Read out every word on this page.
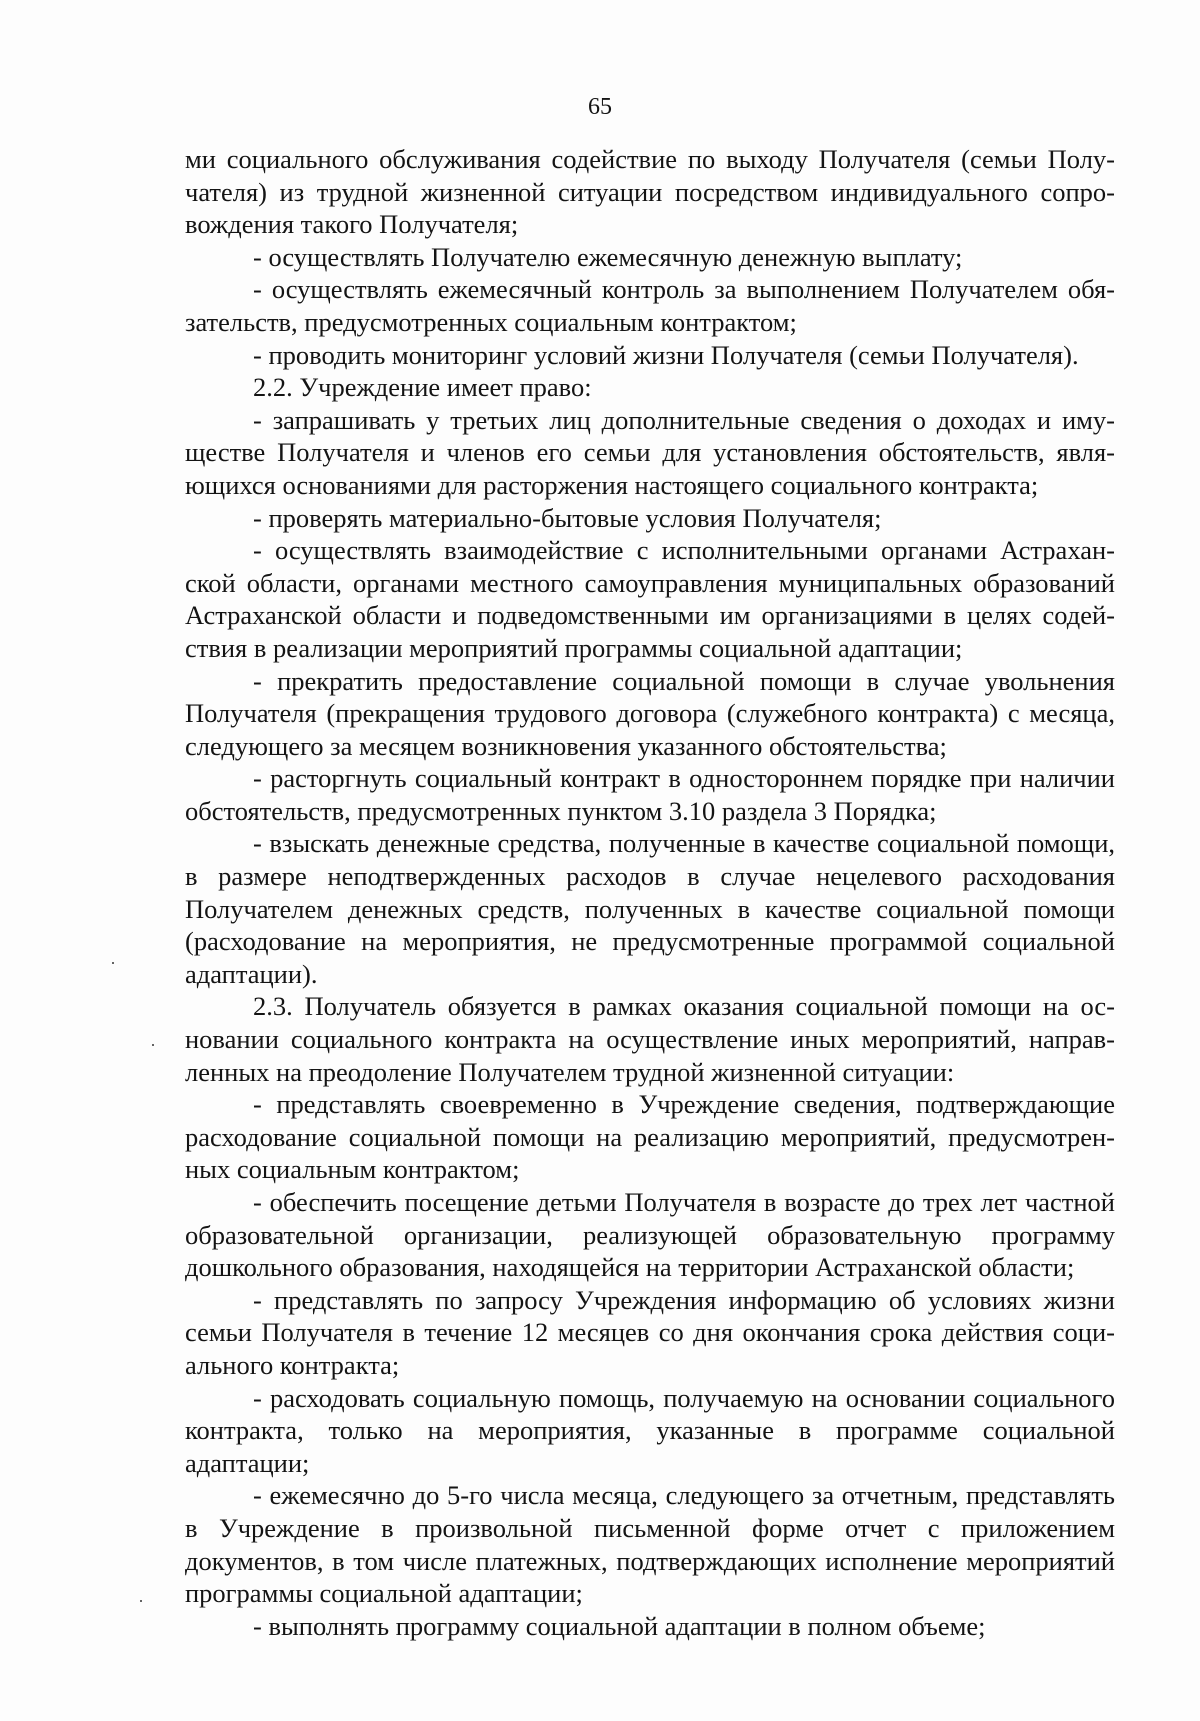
65

ми социального обслуживания содействие по выходу Получателя (семьи Получателя) из трудной жизненной ситуации посредством индивидуального сопровождения такого Получателя;

- осуществлять Получателю ежемесячную денежную выплату;

- осуществлять ежемесячный контроль за выполнением Получателем обязательств, предусмотренных социальным контрактом;

- проводить мониторинг условий жизни Получателя (семьи Получателя).

2.2. Учреждение имеет право:

- запрашивать у третьих лиц дополнительные сведения о доходах и имуществе Получателя и членов его семьи для установления обстоятельств, являющихся основаниями для расторжения настоящего социального контракта;

- проверять материально-бытовые условия Получателя;

- осуществлять взаимодействие с исполнительными органами Астраханской области, органами местного самоуправления муниципальных образований Астраханской области и подведомственными им организациями в целях содействия в реализации мероприятий программы социальной адаптации;

- прекратить предоставление социальной помощи в случае увольнения Получателя (прекращения трудового договора (служебного контракта) с месяца, следующего за месяцем возникновения указанного обстоятельства;

- расторгнуть социальный контракт в одностороннем порядке при наличии обстоятельств, предусмотренных пунктом 3.10 раздела 3 Порядка;

- взыскать денежные средства, полученные в качестве социальной помощи, в размере неподтвержденных расходов в случае нецелевого расходования Получателем денежных средств, полученных в качестве социальной помощи (расходование на мероприятия, не предусмотренные программой социальной адаптации).

2.3. Получатель обязуется в рамках оказания социальной помощи на основании социального контракта на осуществление иных мероприятий, направленных на преодоление Получателем трудной жизненной ситуации:

- представлять своевременно в Учреждение сведения, подтверждающие расходование социальной помощи на реализацию мероприятий, предусмотренных социальным контрактом;

- обеспечить посещение детьми Получателя в возрасте до трех лет частной образовательной организации, реализующей образовательную программу дошкольного образования, находящейся на территории Астраханской области;

- представлять по запросу Учреждения информацию об условиях жизни семьи Получателя в течение 12 месяцев со дня окончания срока действия социального контракта;

- расходовать социальную помощь, получаемую на основании социального контракта, только на мероприятия, указанные в программе социальной адаптации;

- ежемесячно до 5-го числа месяца, следующего за отчетным, представлять в Учреждение в произвольной письменной форме отчет с приложением документов, в том числе платежных, подтверждающих исполнение мероприятий программы социальной адаптации;

- выполнять программу социальной адаптации в полном объеме;
